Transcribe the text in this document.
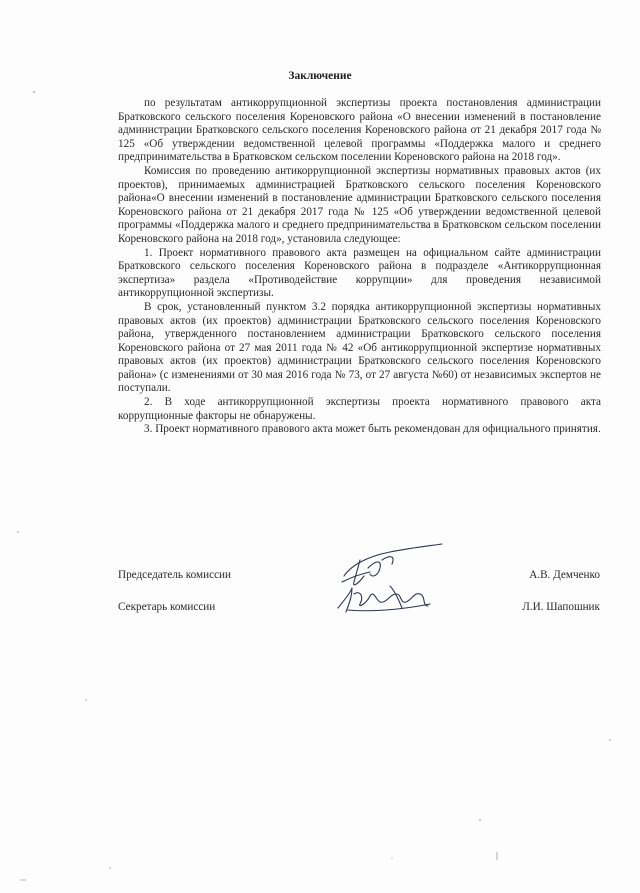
Заключение

по результатам антикоррупционной экспертизы проекта постановления администрации Братковского сельского поселения Кореновского района «О внесении изменений в постановление администрации Братковского сельского поселения Кореновского района от 21 декабря 2017 года № 125 «Об утверждении ведомственной целевой программы «Поддержка малого и среднего предпринимательства в Братковском сельском поселении Кореновского района на 2018 год».

Комиссия по проведению антикоррупционной экспертизы нормативных правовых актов (их проектов), принимаемых администрацией Братковского сельского поселения Кореновского района«О внесении изменений в постановление администрации Братковского сельского поселения Кореновского района от 21 декабря 2017 года № 125 «Об утверждении ведомственной целевой программы «Поддержка малого и среднего предпринимательства в Братковском сельском поселении Кореновского района на 2018 год», установила следующее:

1. Проект нормативного правового акта размещен на официальном сайте администрации Братковского сельского поселения Кореновского района в подразделе «Антикоррупционная экспертиза» раздела «Противодействие коррупции» для проведения независимой антикоррупционной экспертизы.

В срок, установленный пунктом 3.2 порядка антикоррупционной экспертизы нормативных правовых актов (их проектов) администрации Братковского сельского поселения Кореновского района, утвержденного постановлением администрации Братковского сельского поселения Кореновского района от 27 мая 2011 года № 42 «Об антикоррупционной экспертизе нормативных правовых актов (их проектов) администрации Братковского сельского поселения Кореновского района» (с изменениями от 30 мая 2016 года № 73, от 27 августа №60) от независимых экспертов не поступали.

2. В ходе антикоррупционной экспертизы проекта нормативного правового акта коррупционные факторы не обнаружены.

3. Проект нормативного правового акта может быть рекомендован для официального принятия.

Председатель комиссии	А.В. Демченко
Секретарь комиссии	Л.И. Шапошник
